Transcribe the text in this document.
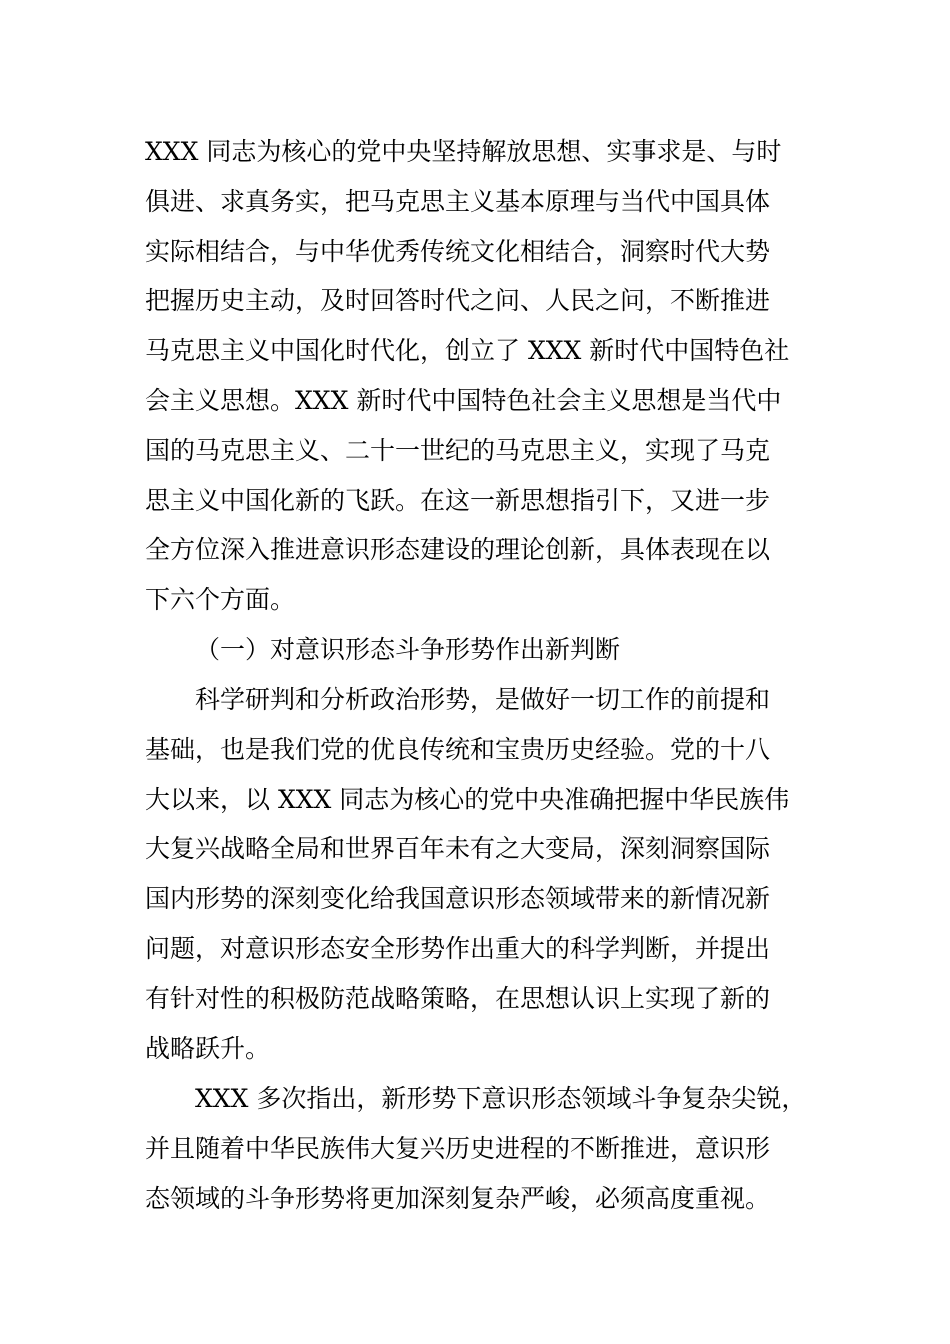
XXX 同志为核心的党中央坚持解放思想、实事求是、与时
俱进、求真务实，把马克思主义基本原理与当代中国具体
实际相结合，与中华优秀传统文化相结合，洞察时代大势
把握历史主动，及时回答时代之问、人民之问，不断推进
马克思主义中国化时代化，创立了 XXX 新时代中国特色社
会主义思想。XXX 新时代中国特色社会主义思想是当代中
国的马克思主义、二十一世纪的马克思主义，实现了马克
思主义中国化新的飞跃。在这一新思想指引下，又进一步
全方位深入推进意识形态建设的理论创新，具体表现在以
下六个方面。
（一）对意识形态斗争形势作出新判断
科学研判和分析政治形势，是做好一切工作的前提和
基础，也是我们党的优良传统和宝贵历史经验。党的十八
大以来，以 XXX 同志为核心的党中央准确把握中华民族伟
大复兴战略全局和世界百年未有之大变局，深刻洞察国际
国内形势的深刻变化给我国意识形态领域带来的新情况新
问题，对意识形态安全形势作出重大的科学判断，并提出
有针对性的积极防范战略策略，在思想认识上实现了新的
战略跃升。
XXX 多次指出，新形势下意识形态领域斗争复杂尖锐，
并且随着中华民族伟大复兴历史进程的不断推进，意识形
态领域的斗争形势将更加深刻复杂严峻，必须高度重视。
